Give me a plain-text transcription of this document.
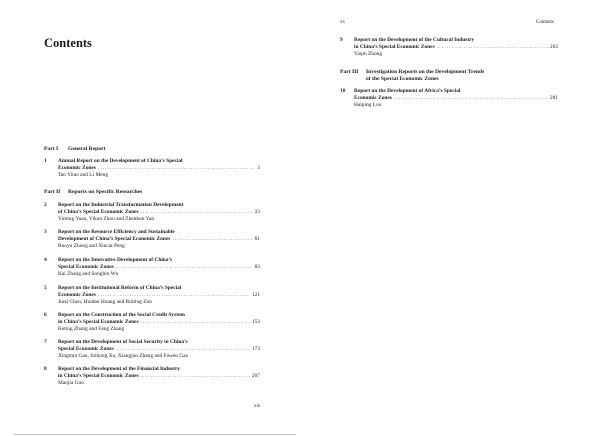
Contents
Part I General Report
1 Annual Report on the Development of China’s Special
Economic Zones .....	3
Tao Yitao and Li Meng
Part II Reports on Specific Researches
2 Report on the Industrial Transformation Development
of China’s Special Economic Zones .....	23
Yiming Yuan, Yikun Zhou and Zhenkun Yan
3 Report on the Resource Efficiency and Sustainable
Development of China’s Special Economic Zones .....	61
Ruoyu Zhong and Xincai Peng
4 Report on the Innovative Development of China’s
Special Economic Zones .....	83
Kai Zhang and Songbin Wu
5 Report on the Institutional Reform of China’s Special
Economic Zones .....	121
Jiaxi Chen, Huidan Huang and Ruiting Zuo
6 Report on the Construction of the Social Credit System
in China’s Special Economic Zones .....	153
Keting Zhang and Fang Zhang
7 Report on the Development of Social Security in China’s
Special Economic Zones .....	173
Xingmin Gao, Jinhong Xu, Xiangjun Zhang and Fawen Gao
8 Report on the Development of the Financial Industry
in China’s Special Economic Zones .....	207
Maojia Guo
xix
xx	Contents
9 Report on the Development of the Cultural Industry
in China’s Special Economic Zones .....	263
Yaqin Zhong
Part III Investigation Reports on the Development Trends
of the Special Economic Zones
10 Report on the Development of Africa’s Special
Economic Zones .....	281
Haiping Luo
